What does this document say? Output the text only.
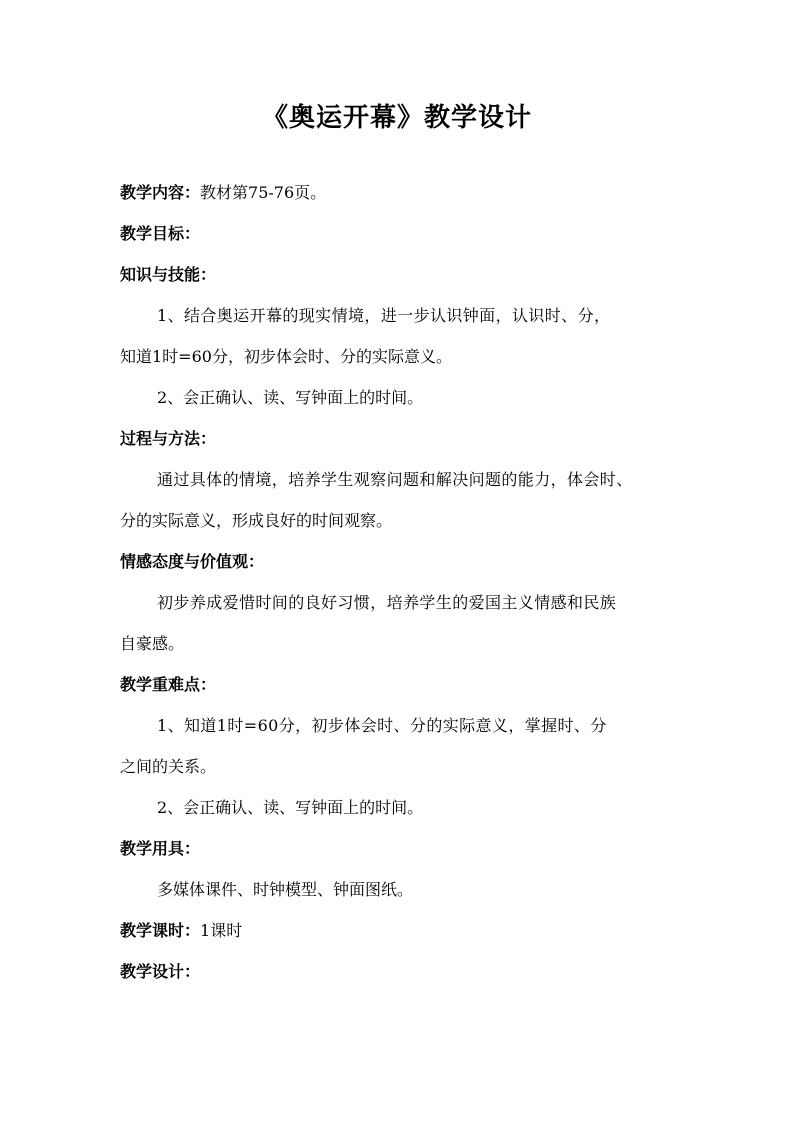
《奥运开幕》教学设计
教学内容：教材第75-76页。
教学目标：
知识与技能：
1、结合奥运开幕的现实情境，进一步认识钟面，认识时、分，
知道1时=60分，初步体会时、分的实际意义。
2、会正确认、读、写钟面上的时间。
过程与方法：
通过具体的情境，培养学生观察问题和解决问题的能力，体会时、
分的实际意义，形成良好的时间观察。
情感态度与价值观：
初步养成爱惜时间的良好习惯，培养学生的爱国主义情感和民族
自豪感。
教学重难点：
1、知道1时=60分，初步体会时、分的实际意义，掌握时、分
之间的关系。
2、会正确认、读、写钟面上的时间。
教学用具：
多媒体课件、时钟模型、钟面图纸。
教学课时：1课时
教学设计：
